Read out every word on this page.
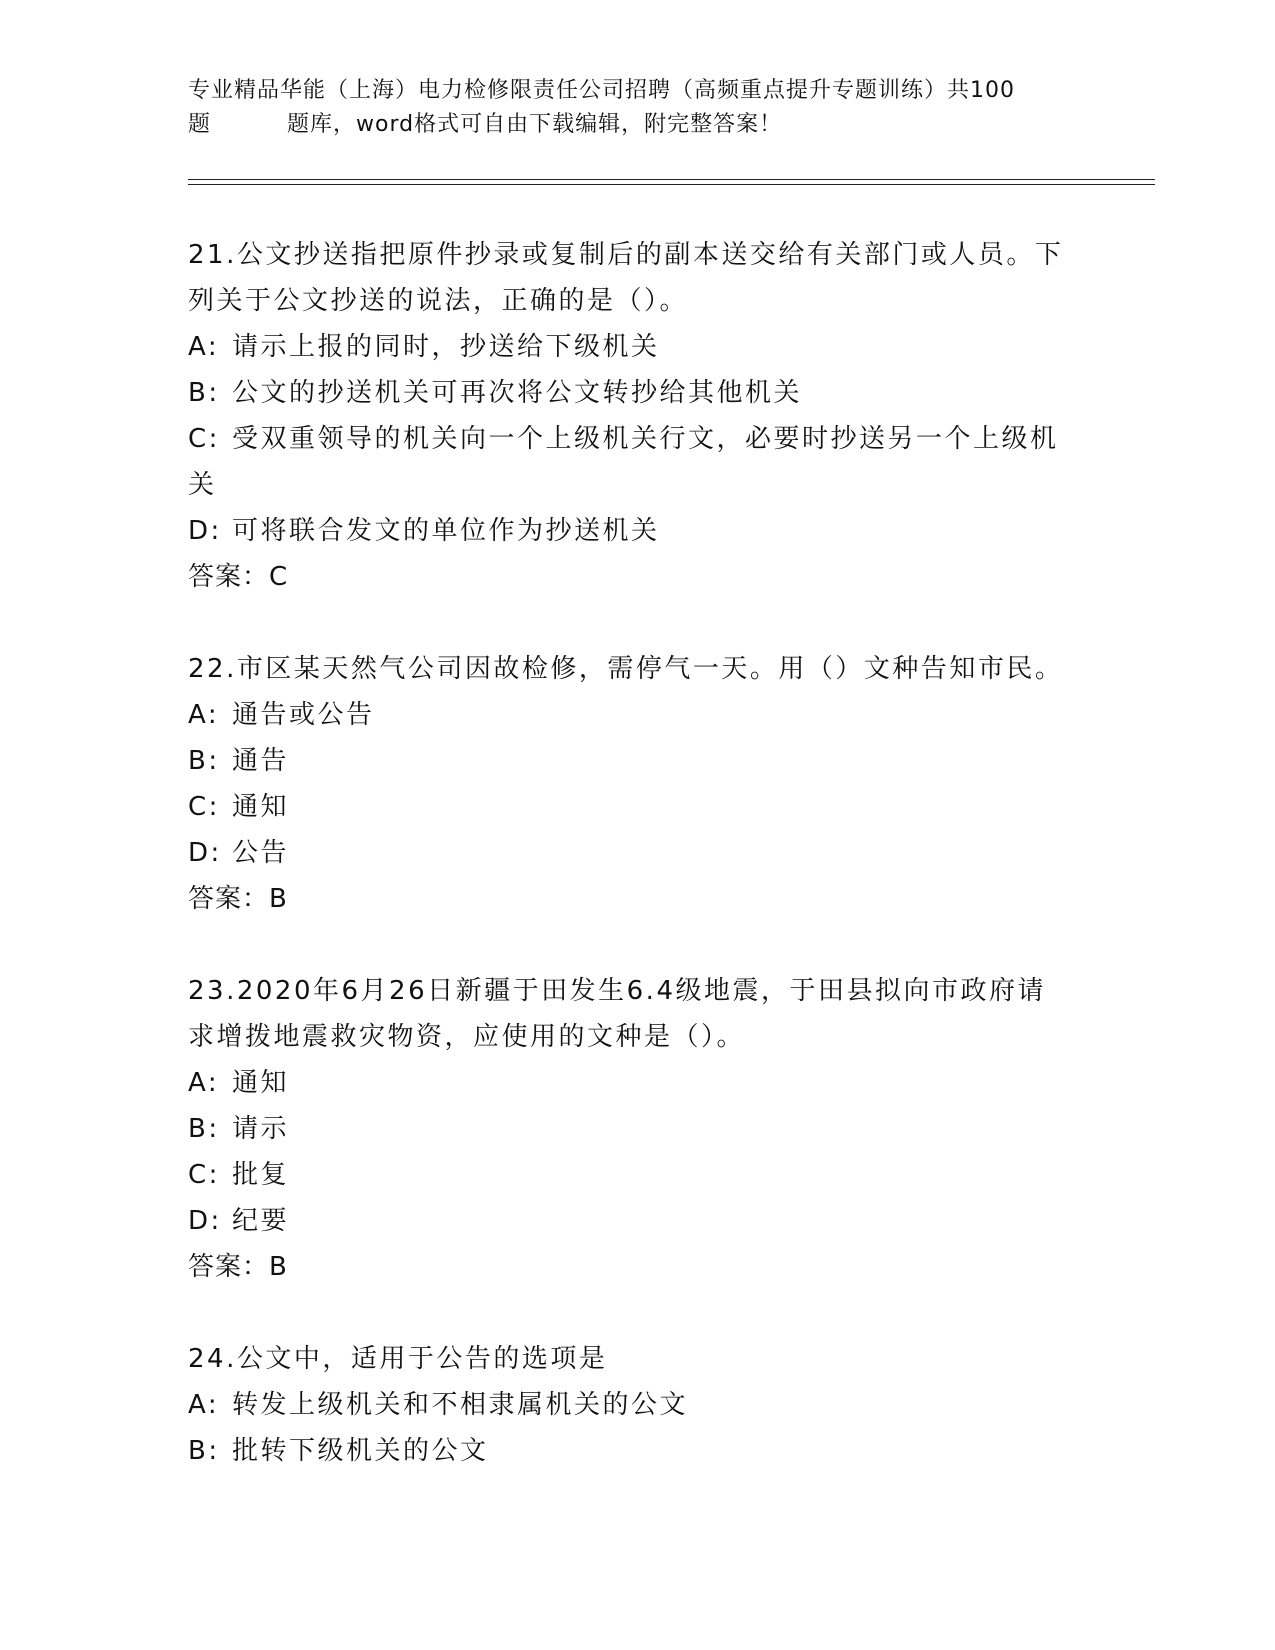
专业精品华能（上海）电力检修限责任公司招聘（高频重点提升专题训练）共100
题	题库，word格式可自由下载编辑，附完整答案！
21.公文抄送指把原件抄录或复制后的副本送交给有关部门或人员。下
列关于公文抄送的说法，正确的是（）。
A: 请示上报的同时，抄送给下级机关
B: 公文的抄送机关可再次将公文转抄给其他机关
C: 受双重领导的机关向一个上级机关行文，必要时抄送另一个上级机
关
D: 可将联合发文的单位作为抄送机关
答案：C
22.市区某天然气公司因故检修，需停气一天。用（）文种告知市民。
A: 通告或公告
B: 通告
C: 通知
D: 公告
答案：B
23.2020年6月26日新疆于田发生6.4级地震，于田县拟向市政府请
求增拨地震救灾物资，应使用的文种是（）。
A: 通知
B: 请示
C: 批复
D: 纪要
答案：B
24.公文中，适用于公告的选项是
A: 转发上级机关和不相隶属机关的公文
B: 批转下级机关的公文
